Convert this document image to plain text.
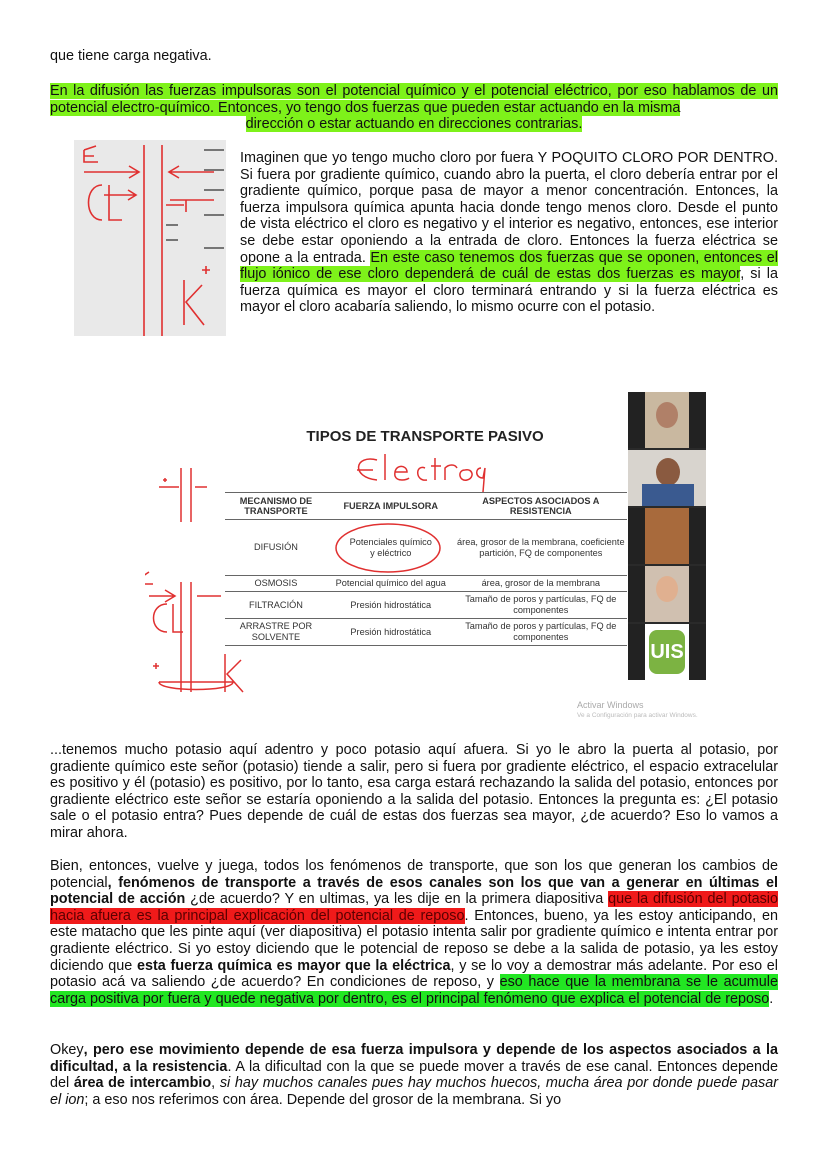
que tiene carga negativa.
En la difusión las fuerzas impulsoras son el potencial químico y el potencial eléctrico, por eso hablamos de un potencial electro-químico. Entonces, yo tengo dos fuerzas que pueden estar actuando en la misma
dirección o estar actuando en direcciones contrarias.
Imaginen que yo tengo mucho cloro por fuera Y POQUITO CLORO POR DENTRO. Si fuera por gradiente químico, cuando abro la puerta, el cloro debería entrar por el gradiente químico, porque pasa de mayor a menor concentración. Entonces, la fuerza impulsora química apunta hacia donde tengo menos cloro. Desde el punto de vista eléctrico el cloro es negativo y el interior es negativo, entonces, ese interior se debe estar oponiendo a la entrada de cloro. Entonces la fuerza eléctrica se opone a la entrada. En este caso tenemos dos fuerzas que se oponen, entonces el flujo iónico de ese cloro dependerá de cuál de estas dos fuerzas es mayor, si la fuerza química es mayor el cloro terminará entrando y si la fuerza eléctrica es mayor el cloro acabaría saliendo, lo mismo ocurre con el potasio.
TIPOS DE TRANSPORTE PASIVO
MECANISMO DE TRANSPORTE	FUERZA IMPULSORA	ASPECTOS ASOCIADOS A RESISTENCIA
DIFUSIÓN	Potenciales químico y eléctrico	área, grosor de la membrana, coeficiente partición, FQ de componentes
OSMOSIS	Potencial químico del agua	área, grosor de la membrana
FILTRACIÓN	Presión hidrostática	Tamaño de poros y partículas, FQ de componentes
ARRASTRE POR SOLVENTE	Presión hidrostática	Tamaño de poros y partículas, FQ de componentes
UIS
Activar Windows
Ve a Configuración para activar Windows.
...tenemos mucho potasio aquí adentro y poco potasio aquí afuera. Si yo le abro la puerta al potasio, por gradiente químico este señor (potasio) tiende a salir, pero si fuera por gradiente eléctrico, el espacio extracelular es positivo y él (potasio) es positivo, por lo tanto, esa carga estará rechazando la salida del potasio, entonces por gradiente eléctrico este señor se estaría oponiendo a la salida del potasio. Entonces la pregunta es: ¿El potasio sale o el potasio entra? Pues depende de cuál de estas dos fuerzas sea mayor, ¿de acuerdo? Eso lo vamos a mirar ahora.
Bien, entonces, vuelve y juega, todos los fenómenos de transporte, que son los que generan los cambios de potencial, fenómenos de transporte a través de esos canales son los que van a generar en últimas el potencial de acción ¿de acuerdo? Y en ultimas, ya les dije en la primera diapositiva que la difusión del potasio hacia afuera es la principal explicación del potencial de reposo. Entonces, bueno, ya les estoy anticipando, en este matacho que les pinte aquí (ver diapositiva) el potasio intenta salir por gradiente químico e intenta entrar por gradiente eléctrico. Si yo estoy diciendo que le potencial de reposo se debe a la salida de potasio, ya les estoy diciendo que esta fuerza química es mayor que la eléctrica, y se lo voy a demostrar más adelante. Por eso el potasio acá va saliendo ¿de acuerdo? En condiciones de reposo, y eso hace que la membrana se le acumule carga positiva por fuera y quede negativa por dentro, es el principal fenómeno que explica el potencial de reposo.
Okey, pero ese movimiento depende de esa fuerza impulsora y depende de los aspectos asociados a la dificultad, a la resistencia. A la dificultad con la que se puede mover a través de ese canal. Entonces depende del área de intercambio, si hay muchos canales pues hay muchos huecos, mucha área por donde puede pasar el ion; a eso nos referimos con área. Depende del grosor de la membrana. Si yo
